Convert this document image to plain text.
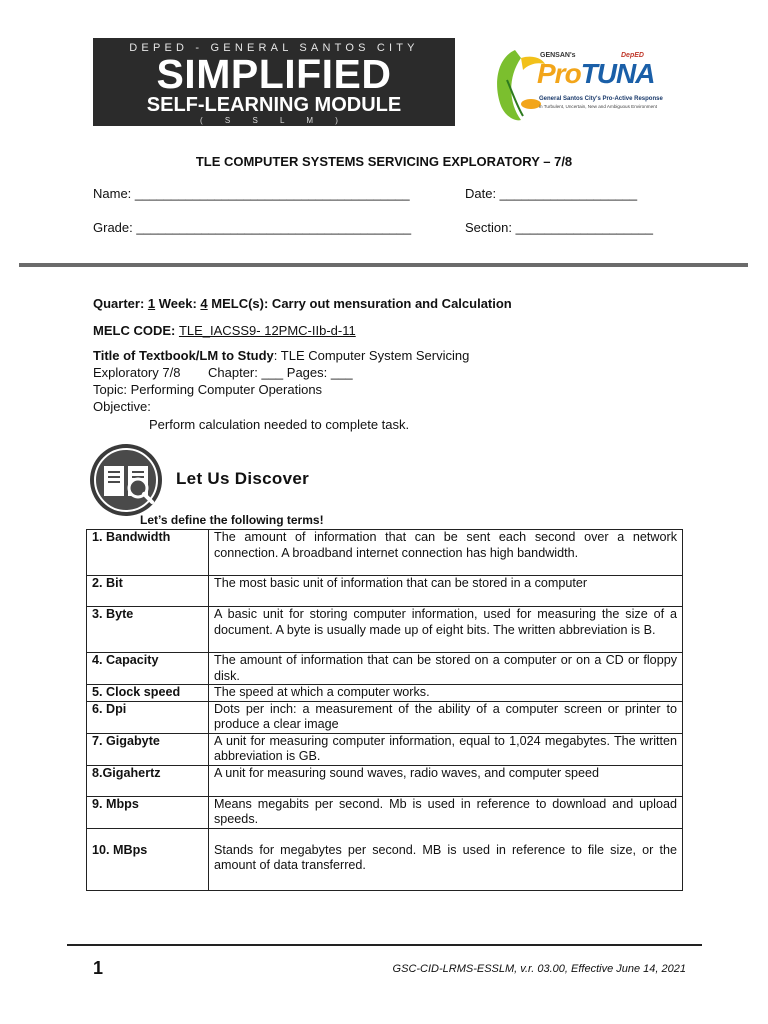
DEPED - GENERAL SANTOS CITY
SIMPLIFIED
SELF-LEARNING MODULE
( S S L M )
GENSAN's
ProTUNA
DepED
General Santos City's Pro-Active Response
in Turbulent, Uncertain, New and Ambiguous Environment
TLE COMPUTER SYSTEMS SERVICING EXPLORATORY – 7/8
Name: ______________________________________	Date: ___________________
Grade: ______________________________________	Section: ___________________
Quarter: 1 Week: 4 MELC(s): Carry out mensuration and Calculation
MELC CODE: TLE_IACSS9- 12PMC-IIb-d-11
Title of Textbook/LM to Study: TLE Computer System Servicing
Exploratory 7/8 Chapter: ___ Pages: ___
Topic: Performing Computer Operations
Objective:
Perform calculation needed to complete task.
Let Us Discover
Let’s define the following terms!
1. Bandwidth	The amount of information that can be sent each second over a network connection. A broadband internet connection has high bandwidth.
2. Bit	The most basic unit of information that can be stored in a computer
3. Byte	A basic unit for storing computer information, used for measuring the size of a document. A byte is usually made up of eight bits. The written abbreviation is B.
4. Capacity	The amount of information that can be stored on a computer or on a CD or floppy disk.
5. Clock speed	The speed at which a computer works.
6. Dpi	Dots per inch: a measurement of the ability of a computer screen or printer to produce a clear image
7. Gigabyte	A unit for measuring computer information, equal to 1,024 megabytes. The written abbreviation is GB.
8.Gigahertz	A unit for measuring sound waves, radio waves, and computer speed
9. Mbps	Means megabits per second. Mb is used in reference to download and upload speeds.
10. MBps	Stands for megabytes per second. MB is used in reference to file size, or the amount of data transferred.
1	GSC-CID-LRMS-ESSLM, v.r. 03.00, Effective June 14, 2021
